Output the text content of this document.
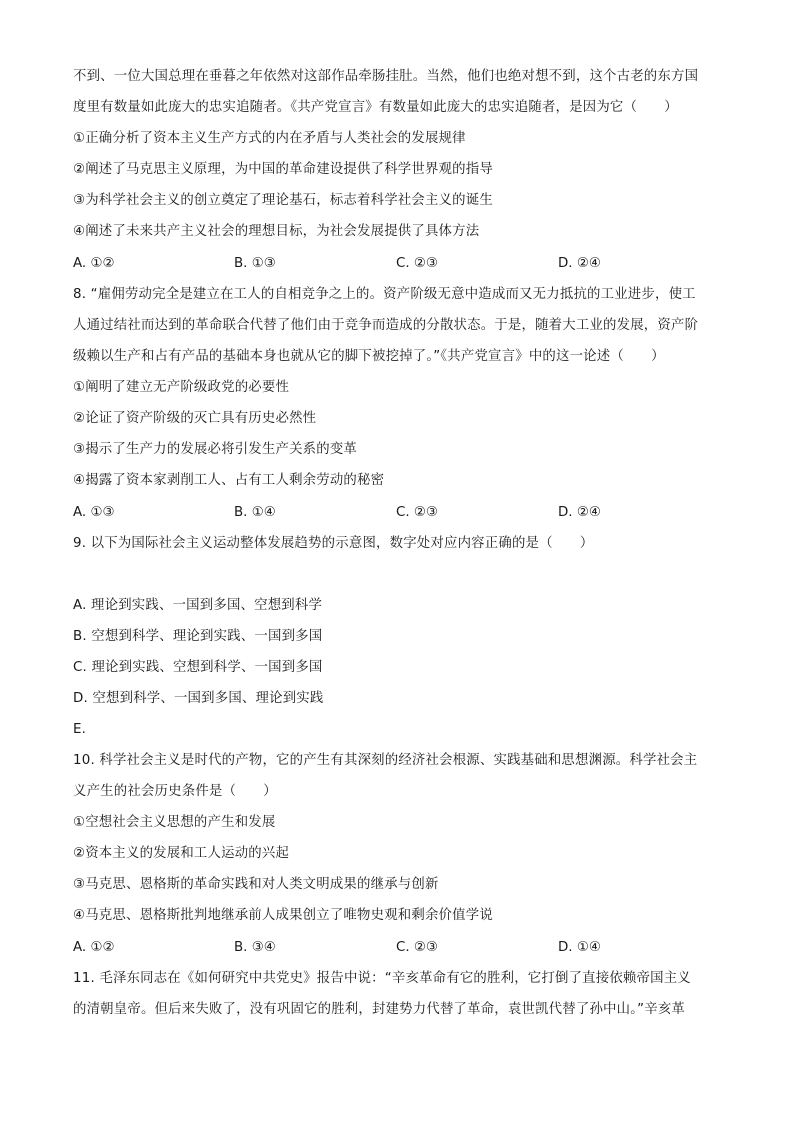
不到、一位大国总理在垂暮之年依然对这部作品牵肠挂肚。当然，他们也绝对想不到，这个古老的东方国
度里有数量如此庞大的忠实追随者。《共产党宣言》有数量如此庞大的忠实追随者，是因为它（　　）
①正确分析了资本主义生产方式的内在矛盾与人类社会的发展规律
②阐述了马克思主义原理，为中国的革命建设提供了科学世界观的指导
③为科学社会主义的创立奠定了理论基石，标志着科学社会主义的诞生
④阐述了未来共产主义社会的理想目标，为社会发展提供了具体方法
A. ①②	B. ①③	C. ②③	D. ②④
8. “雇佣劳动完全是建立在工人的自相竞争之上的。资产阶级无意中造成而又无力抵抗的工业进步，使工
人通过结社而达到的革命联合代替了他们由于竞争而造成的分散状态。于是，随着大工业的发展，资产阶
级赖以生产和占有产品的基础本身也就从它的脚下被挖掉了。”《共产党宣言》中的这一论述（　　）
①阐明了建立无产阶级政党的必要性
②论证了资产阶级的灭亡具有历史必然性
③揭示了生产力的发展必将引发生产关系的变革
④揭露了资本家剥削工人、占有工人剩余劳动的秘密
A. ①③	B. ①④	C. ②③	D. ②④
9. 以下为国际社会主义运动整体发展趋势的示意图，数字处对应内容正确的是（　　）
A. 理论到实践、一国到多国、空想到科学
B. 空想到科学、理论到实践、一国到多国
C. 理论到实践、空想到科学、一国到多国
D. 空想到科学、一国到多国、理论到实践
E.
10. 科学社会主义是时代的产物，它的产生有其深刻的经济社会根源、实践基础和思想渊源。科学社会主
义产生的社会历史条件是（　　）
①空想社会主义思想的产生和发展
②资本主义的发展和工人运动的兴起
③马克思、恩格斯的革命实践和对人类文明成果的继承与创新
④马克思、恩格斯批判地继承前人成果创立了唯物史观和剩余价值学说
A. ①②	B. ③④	C. ②③	D. ①④
11. 毛泽东同志在《如何研究中共党史》报告中说：“辛亥革命有它的胜利，它打倒了直接依赖帝国主义
的清朝皇帝。但后来失败了，没有巩固它的胜利，封建势力代替了革命，袁世凯代替了孙中山。”辛亥革
